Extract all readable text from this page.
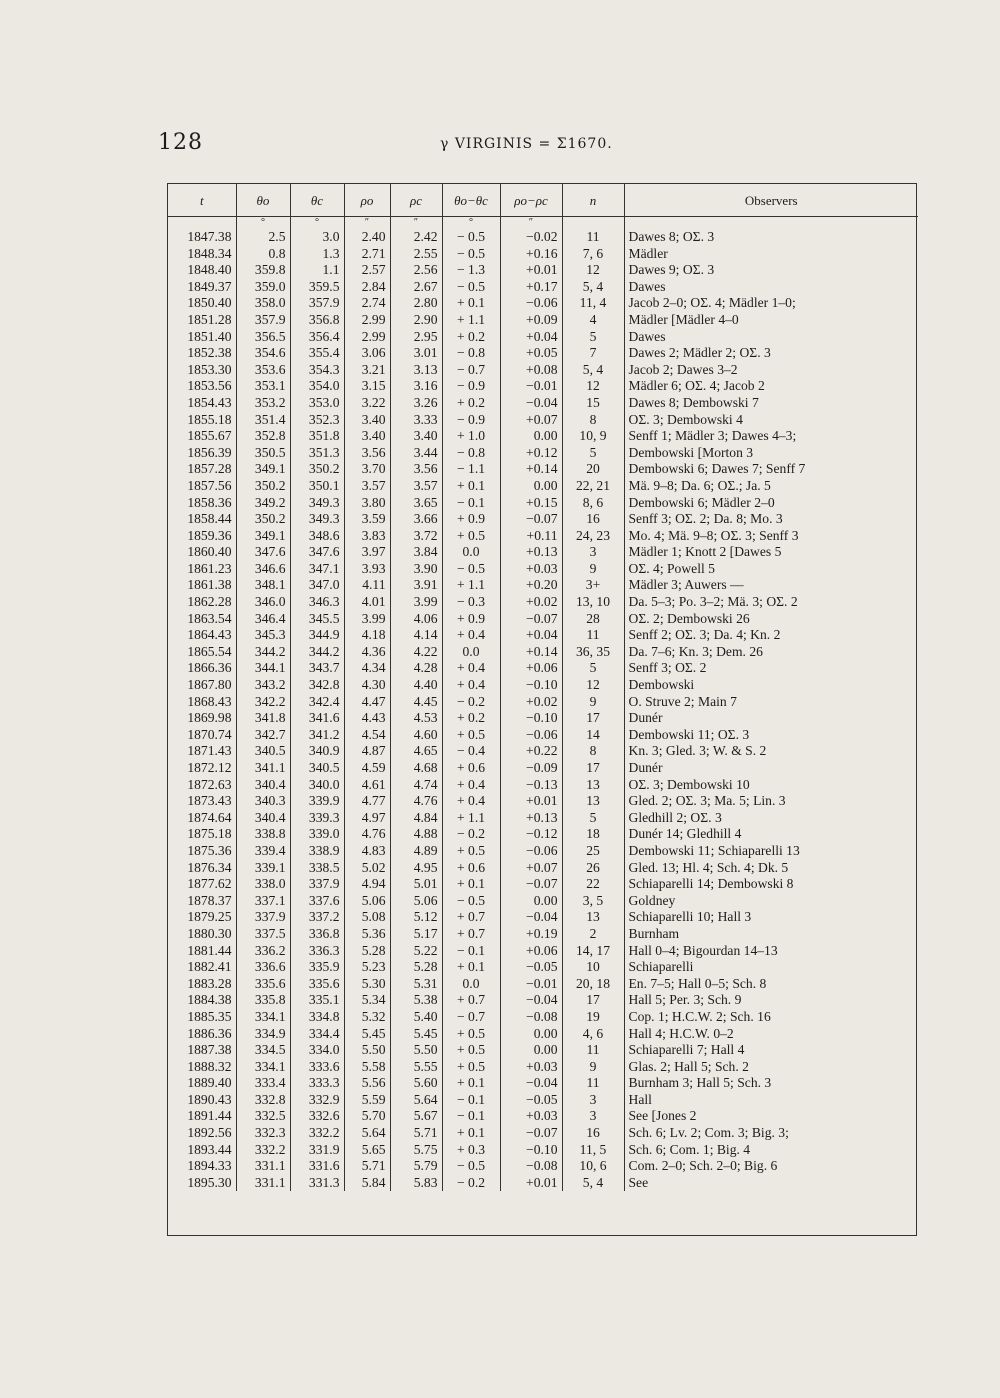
128	γ VIRGINIS = Σ1670.
t	θo	θc	ρo	ρc	θo−θc	ρo−ρc	n	Observers
	°	°	″	″	°	″		
1847.38	2.5	3.0	2.40	2.42	− 0.5	−0.02	11	Dawes 8; OΣ. 3
1848.34	0.8	1.3	2.71	2.55	− 0.5	+0.16	7, 6	Mädler
1848.40	359.8	1.1	2.57	2.56	− 1.3	+0.01	12	Dawes 9; OΣ. 3
1849.37	359.0	359.5	2.84	2.67	− 0.5	+0.17	5, 4	Dawes
1850.40	358.0	357.9	2.74	2.80	+ 0.1	−0.06	11, 4	Jacob 2–0; OΣ. 4; Mädler 1–0;
1851.28	357.9	356.8	2.99	2.90	+ 1.1	+0.09	4	Mädler [Mädler 4–0
1851.40	356.5	356.4	2.99	2.95	+ 0.2	+0.04	5	Dawes
1852.38	354.6	355.4	3.06	3.01	− 0.8	+0.05	7	Dawes 2; Mädler 2; OΣ. 3
1853.30	353.6	354.3	3.21	3.13	− 0.7	+0.08	5, 4	Jacob 2; Dawes 3–2
1853.56	353.1	354.0	3.15	3.16	− 0.9	−0.01	12	Mädler 6; OΣ. 4; Jacob 2
1854.43	353.2	353.0	3.22	3.26	+ 0.2	−0.04	15	Dawes 8; Dembowski 7
1855.18	351.4	352.3	3.40	3.33	− 0.9	+0.07	8	OΣ. 3; Dembowski 4
1855.67	352.8	351.8	3.40	3.40	+ 1.0	0.00	10, 9	Senff 1; Mädler 3; Dawes 4–3;
1856.39	350.5	351.3	3.56	3.44	− 0.8	+0.12	5	Dembowski [Morton 3
1857.28	349.1	350.2	3.70	3.56	− 1.1	+0.14	20	Dembowski 6; Dawes 7; Senff 7
1857.56	350.2	350.1	3.57	3.57	+ 0.1	0.00	22, 21	Mä. 9–8; Da. 6; OΣ.; Ja. 5
1858.36	349.2	349.3	3.80	3.65	− 0.1	+0.15	8, 6	Dembowski 6; Mädler 2–0
1858.44	350.2	349.3	3.59	3.66	+ 0.9	−0.07	16	Senff 3; OΣ. 2; Da. 8; Mo. 3
1859.36	349.1	348.6	3.83	3.72	+ 0.5	+0.11	24, 23	Mo. 4; Mä. 9–8; OΣ. 3; Senff 3
1860.40	347.6	347.6	3.97	3.84	0.0	+0.13	3	Mädler 1; Knott 2 [Dawes 5
1861.23	346.6	347.1	3.93	3.90	− 0.5	+0.03	9	OΣ. 4; Powell 5
1861.38	348.1	347.0	4.11	3.91	+ 1.1	+0.20	3+	Mädler 3; Auwers —
1862.28	346.0	346.3	4.01	3.99	− 0.3	+0.02	13, 10	Da. 5–3; Po. 3–2; Mä. 3; OΣ. 2
1863.54	346.4	345.5	3.99	4.06	+ 0.9	−0.07	28	OΣ. 2; Dembowski 26
1864.43	345.3	344.9	4.18	4.14	+ 0.4	+0.04	11	Senff 2; OΣ. 3; Da. 4; Kn. 2
1865.54	344.2	344.2	4.36	4.22	0.0	+0.14	36, 35	Da. 7–6; Kn. 3; Dem. 26
1866.36	344.1	343.7	4.34	4.28	+ 0.4	+0.06	5	Senff 3; OΣ. 2
1867.80	343.2	342.8	4.30	4.40	+ 0.4	−0.10	12	Dembowski
1868.43	342.2	342.4	4.47	4.45	− 0.2	+0.02	9	O. Struve 2; Main 7
1869.98	341.8	341.6	4.43	4.53	+ 0.2	−0.10	17	Dunér
1870.74	342.7	341.2	4.54	4.60	+ 0.5	−0.06	14	Dembowski 11; OΣ. 3
1871.43	340.5	340.9	4.87	4.65	− 0.4	+0.22	8	Kn. 3; Gled. 3; W. & S. 2
1872.12	341.1	340.5	4.59	4.68	+ 0.6	−0.09	17	Dunér
1872.63	340.4	340.0	4.61	4.74	+ 0.4	−0.13	13	OΣ. 3; Dembowski 10
1873.43	340.3	339.9	4.77	4.76	+ 0.4	+0.01	13	Gled. 2; OΣ. 3; Ma. 5; Lin. 3
1874.64	340.4	339.3	4.97	4.84	+ 1.1	+0.13	5	Gledhill 2; OΣ. 3
1875.18	338.8	339.0	4.76	4.88	− 0.2	−0.12	18	Dunér 14; Gledhill 4
1875.36	339.4	338.9	4.83	4.89	+ 0.5	−0.06	25	Dembowski 11; Schiaparelli 13
1876.34	339.1	338.5	5.02	4.95	+ 0.6	+0.07	26	Gled. 13; Hl. 4; Sch. 4; Dk. 5
1877.62	338.0	337.9	4.94	5.01	+ 0.1	−0.07	22	Schiaparelli 14; Dembowski 8
1878.37	337.1	337.6	5.06	5.06	− 0.5	0.00	3, 5	Goldney
1879.25	337.9	337.2	5.08	5.12	+ 0.7	−0.04	13	Schiaparelli 10; Hall 3
1880.30	337.5	336.8	5.36	5.17	+ 0.7	+0.19	2	Burnham
1881.44	336.2	336.3	5.28	5.22	− 0.1	+0.06	14, 17	Hall 0–4; Bigourdan 14–13
1882.41	336.6	335.9	5.23	5.28	+ 0.1	−0.05	10	Schiaparelli
1883.28	335.6	335.6	5.30	5.31	0.0	−0.01	20, 18	En. 7–5; Hall 0–5; Sch. 8
1884.38	335.8	335.1	5.34	5.38	+ 0.7	−0.04	17	Hall 5; Per. 3; Sch. 9
1885.35	334.1	334.8	5.32	5.40	− 0.7	−0.08	19	Cop. 1; H.C.W. 2; Sch. 16
1886.36	334.9	334.4	5.45	5.45	+ 0.5	0.00	4, 6	Hall 4; H.C.W. 0–2
1887.38	334.5	334.0	5.50	5.50	+ 0.5	0.00	11	Schiaparelli 7; Hall 4
1888.32	334.1	333.6	5.58	5.55	+ 0.5	+0.03	9	Glas. 2; Hall 5; Sch. 2
1889.40	333.4	333.3	5.56	5.60	+ 0.1	−0.04	11	Burnham 3; Hall 5; Sch. 3
1890.43	332.8	332.9	5.59	5.64	− 0.1	−0.05	3	Hall
1891.44	332.5	332.6	5.70	5.67	− 0.1	+0.03	3	See [Jones 2
1892.56	332.3	332.2	5.64	5.71	+ 0.1	−0.07	16	Sch. 6; Lv. 2; Com. 3; Big. 3;
1893.44	332.2	331.9	5.65	5.75	+ 0.3	−0.10	11, 5	Sch. 6; Com. 1; Big. 4
1894.33	331.1	331.6	5.71	5.79	− 0.5	−0.08	10, 6	Com. 2–0; Sch. 2–0; Big. 6
1895.30	331.1	331.3	5.84	5.83	− 0.2	+0.01	5, 4	See
